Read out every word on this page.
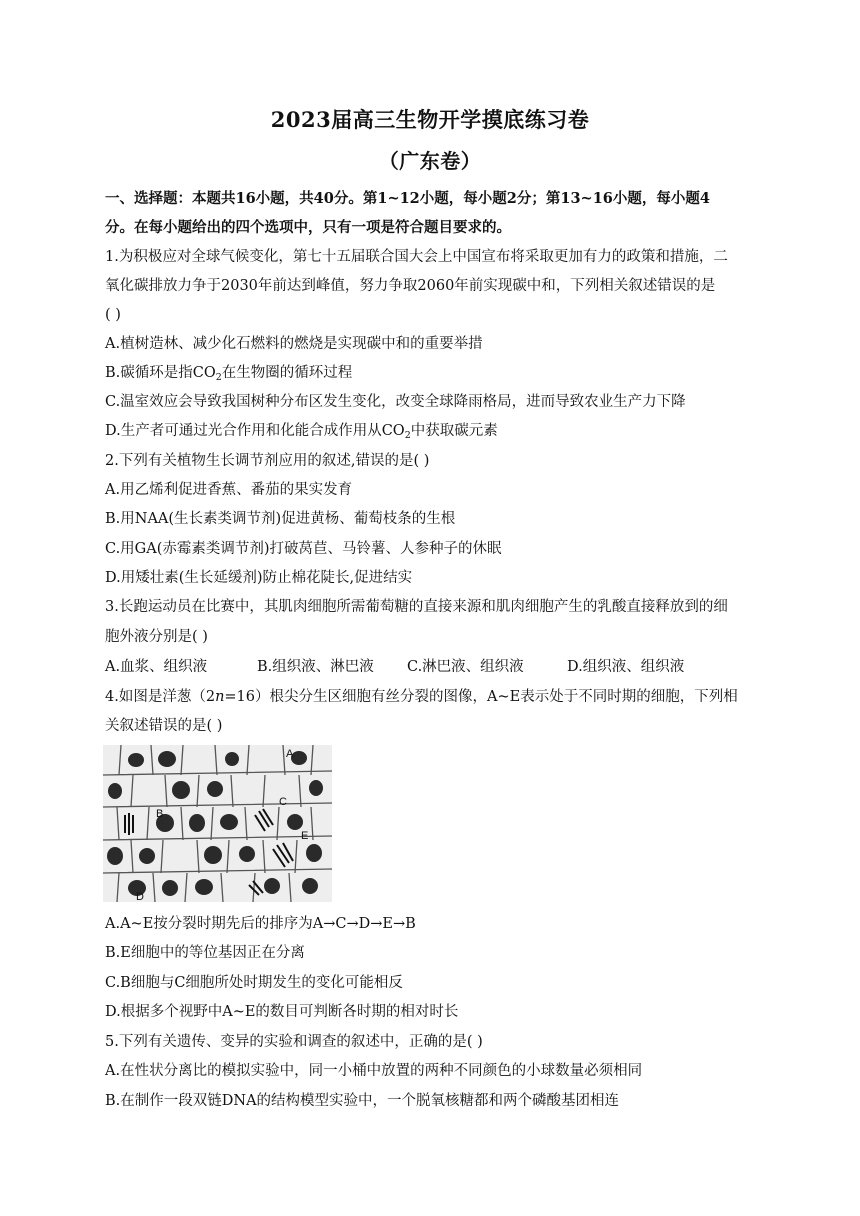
2023届高三生物开学摸底练习卷
（广东卷）
一、选择题：本题共16小题，共40分。第1~12小题，每小题2分；第13~16小题，每小题4
分。在每小题给出的四个选项中，只有一项是符合题目要求的。
1.为积极应对全球气候变化，第七十五届联合国大会上中国宣布将采取更加有力的政策和措施，二
氧化碳排放力争于2030年前达到峰值，努力争取2060年前实现碳中和，下列相关叙述错误的是
( )
A.植树造林、减少化石燃料的燃烧是实现碳中和的重要举措
B.碳循环是指$CO_2$在生物圈的循环过程
C.温室效应会导致我国树种分布区发生变化，改变全球降雨格局，进而导致农业生产力下降
D.生产者可通过光合作用和化能合成作用从$CO_2$中获取碳元素
2.下列有关植物生长调节剂应用的叙述,错误的是( )
A.用乙烯利促进香蕉、番茄的果实发育
B.用NAA(生长素类调节剂)促进黄杨、葡萄枝条的生根
C.用GA(赤霉素类调节剂)打破莴苣、马铃薯、人参种子的休眠
D.用矮壮素(生长延缓剂)防止棉花陡长,促进结实
3.长跑运动员在比赛中，其肌肉细胞所需葡萄糖的直接来源和肌肉细胞产生的乳酸直接释放到的细
胞外液分别是( )
A.血浆、组织液	B.组织液、淋巴液 C.淋巴液、组织液	D.组织液、组织液
4.如图是洋葱（2n=16）根尖分生区细胞有丝分裂的图像，A~E表示处于不同时期的细胞，下列相
关叙述错误的是( )
A
B
C
D
E
A.A~E按分裂时期先后的排序为A→C→D→E→B
B.E细胞中的等位基因正在分离
C.B细胞与C细胞所处时期发生的变化可能相反
D.根据多个视野中A~E的数目可判断各时期的相对时长
5.下列有关遗传、变异的实验和调查的叙述中，正确的是( )
A.在性状分离比的模拟实验中，同一小桶中放置的两种不同颜色的小球数量必须相同
B.在制作一段双链DNA的结构模型实验中，一个脱氧核糖都和两个磷酸基团相连
